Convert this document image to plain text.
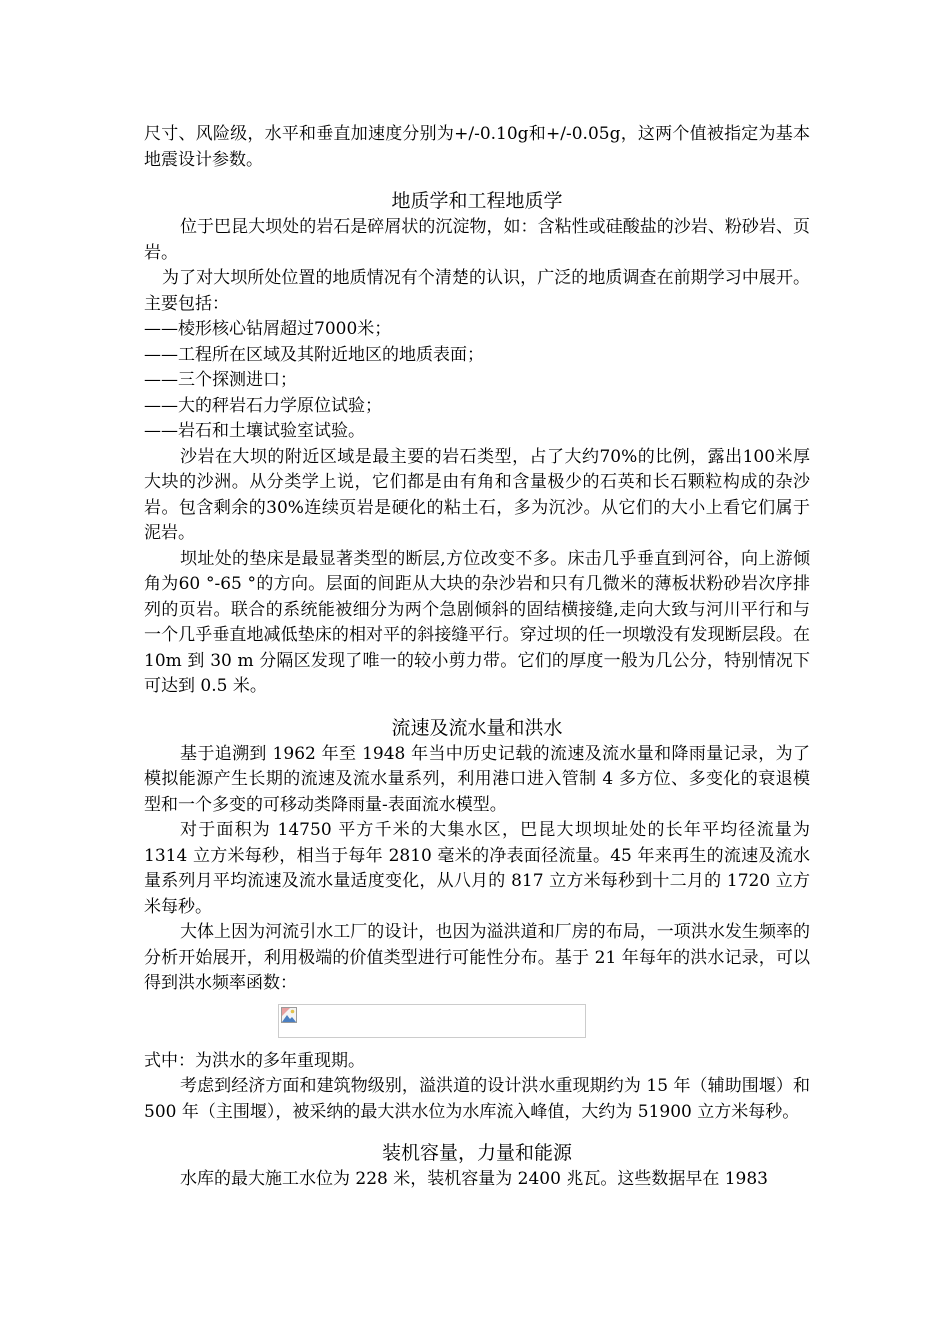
尺寸、风险级，水平和垂直加速度分别为+/-0.10g和+/-0.05g，这两个值被指定为基本地震设计参数。

地质学和工程地质学

位于巴昆大坝处的岩石是碎屑状的沉淀物，如：含粘性或硅酸盐的沙岩、粉砂岩、页岩。

为了对大坝所处位置的地质情况有个清楚的认识，广泛的地质调查在前期学习中展开。主要包括：

——棱形核心钻屑超过7000米；

——工程所在区域及其附近地区的地质表面；

——三个探测进口；

——大的秤岩石力学原位试验；

——岩石和土壤试验室试验。

沙岩在大坝的附近区域是最主要的岩石类型，占了大约70%的比例，露出100米厚大块的沙洲。从分类学上说，它们都是由有角和含量极少的石英和长石颗粒构成的杂沙岩。包含剩余的30%连续页岩是硬化的粘土石，多为沉沙。从它们的大小上看它们属于泥岩。

坝址处的垫床是最显著类型的断层,方位改变不多。床击几乎垂直到河谷，向上游倾角为60 °-65 °的方向。层面的间距从大块的杂沙岩和只有几微米的薄板状粉砂岩次序排列的页岩。联合的系统能被细分为两个急剧倾斜的固结横接缝,走向大致与河川平行和与一个几乎垂直地减低垫床的相对平的斜接缝平行。穿过坝的任一坝墩没有发现断层段。在 10m 到 30 m 分隔区发现了唯一的较小剪力带。它们的厚度一般为几公分，特别情况下可达到 0.5 米。

流速及流水量和洪水

基于追溯到 1962 年至 1948 年当中历史记载的流速及流水量和降雨量记录，为了模拟能源产生长期的流速及流水量系列，利用港口进入管制 4 多方位、多变化的衰退模型和一个多变的可移动类降雨量-表面流水模型。

对于面积为 14750 平方千米的大集水区，巴昆大坝坝址处的长年平均径流量为 1314 立方米每秒，相当于每年 2810 毫米的净表面径流量。45 年来再生的流速及流水量系列月平均流速及流水量适度变化，从八月的 817 立方米每秒到十二月的 1720 立方米每秒。

大体上因为河流引水工厂的设计，也因为溢洪道和厂房的布局，一项洪水发生频率的分析开始展开，利用极端的价值类型进行可能性分布。基于 21 年每年的洪水记录，可以得到洪水频率函数：

式中：为洪水的多年重现期。

考虑到经济方面和建筑物级别，溢洪道的设计洪水重现期约为 15 年（辅助围堰）和 500 年（主围堰），被采纳的最大洪水位为水库流入峰值，大约为 51900 立方米每秒。

装机容量，力量和能源

水库的最大施工水位为 228 米，装机容量为 2400 兆瓦。这些数据早在 1983
